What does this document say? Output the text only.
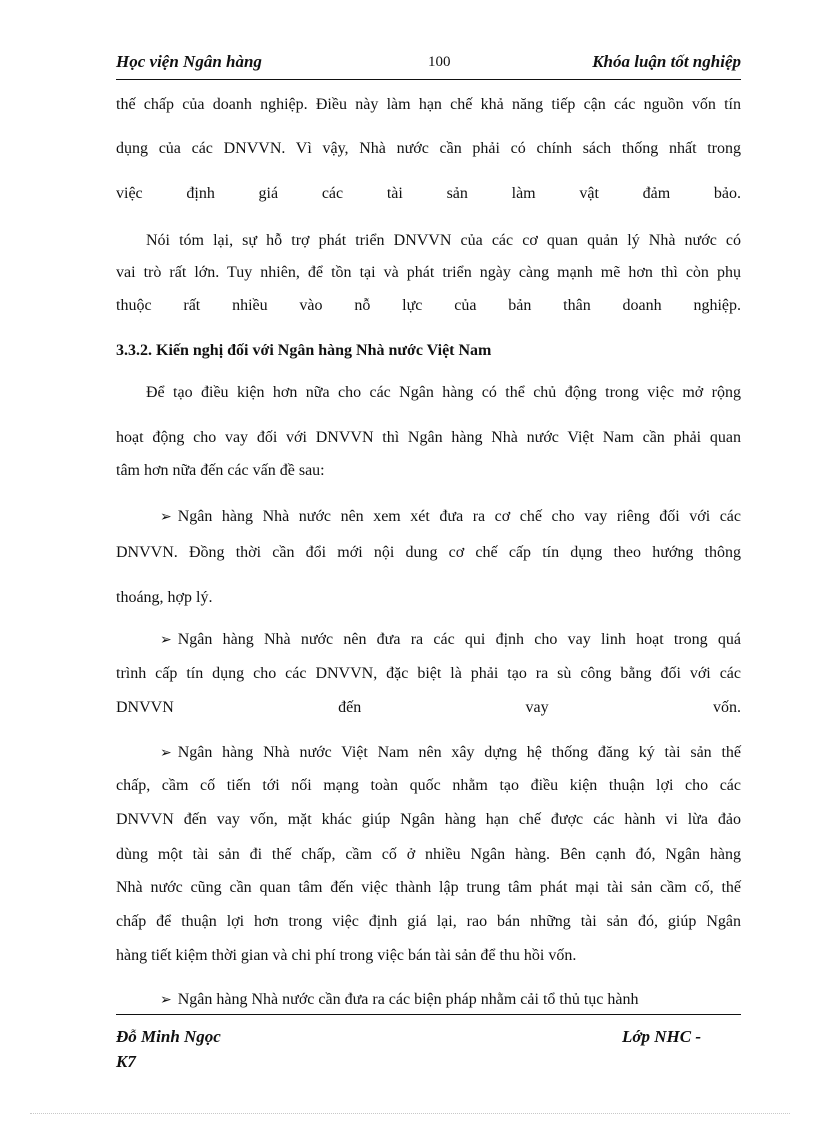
Học viện Ngân hàng	100	Khóa luận tốt nghiệp
thế chấp của doanh nghiệp. Điều này làm hạn chế khả năng tiếp cận các nguồn vốn tín
dụng của các DNVVN. Vì vậy, Nhà nước cần phải có chính sách thống nhất trong
việc định giá các tài sản làm vật đảm bảo.
Nói tóm lại, sự hỗ trợ phát triển DNVVN của các cơ quan quản lý Nhà nước có
vai trò rất lớn. Tuy nhiên, để tồn tại và phát triển ngày càng mạnh mẽ hơn thì còn phụ
thuộc rất nhiều vào nỗ lực của bản thân doanh nghiệp.
3.3.2. Kiến nghị đối với Ngân hàng Nhà nước Việt Nam
Để tạo điều kiện hơn nữa cho các Ngân hàng có thể chủ động trong việc mở rộng
hoạt động cho vay đối với DNVVN thì Ngân hàng Nhà nước Việt Nam cần phải quan
tâm hơn nữa đến các vấn đề sau:
➢ Ngân hàng Nhà nước nên xem xét đưa ra cơ chế cho vay riêng đối với các
DNVVN. Đồng thời cần đổi mới nội dung cơ chế cấp tín dụng theo hướng thông
thoáng, hợp lý.
➢ Ngân hàng Nhà nước nên đưa ra các qui định cho vay linh hoạt trong quá
trình cấp tín dụng cho các DNVVN, đặc biệt là phải tạo ra sù công bằng đối với các
DNVVN đến vay vốn.
➢ Ngân hàng Nhà nước Việt Nam nên xây dựng hệ thống đăng ký tài sản thế
chấp, cầm cố tiến tới nối mạng toàn quốc nhằm tạo điều kiện thuận lợi cho các
DNVVN đến vay vốn, mặt khác giúp Ngân hàng hạn chế được các hành vi lừa đảo
dùng một tài sản đi thế chấp, cầm cố ở nhiều Ngân hàng. Bên cạnh đó, Ngân hàng
Nhà nước cũng cần quan tâm đến việc thành lập trung tâm phát mại tài sản cầm cố, thế
chấp để thuận lợi hơn trong việc định giá lại, rao bán những tài sản đó, giúp Ngân
hàng tiết kiệm thời gian và chi phí trong việc bán tài sản để thu hồi vốn.
➢ Ngân hàng Nhà nước cần đưa ra các biện pháp nhằm cải tổ thủ tục hành
Đỗ Minh Ngọc
K7
Lớp NHC -
